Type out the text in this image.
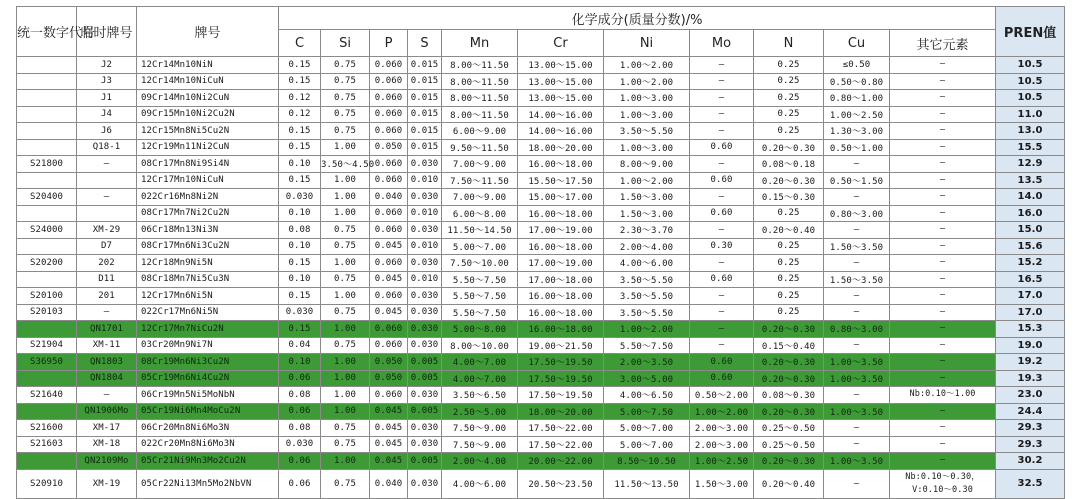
统一数字代号	临时牌号	牌号	化学成分(质量分数)/%											PREN值
			C	Si	P	S	Mn	Cr	Ni	Mo	N	Cu	其它元素	
	J2	12Cr14Mn10NiN	0.15	0.75	0.060	0.015	8.00～11.50	13.00～15.00	1.00～2.00	—	0.25	≤0.50	—	10.5
	J3	12Cr14Mn10NiCuN	0.15	0.75	0.060	0.015	8.00～11.50	13.00～15.00	1.00～2.00	—	0.25	0.50～0.80	—	10.5
	J1	09Cr14Mn10Ni2CuN	0.12	0.75	0.060	0.015	8.00～11.50	13.00～15.00	1.00～3.00	—	0.25	0.80～1.00	—	10.5
	J4	09Cr15Mn10Ni2Cu2N	0.12	0.75	0.060	0.015	8.00～11.50	14.00～16.00	1.00～3.00	—	0.25	1.00～2.50	—	11.0
	J6	12Cr15Mn8Ni5Cu2N	0.15	0.75	0.060	0.015	6.00～9.00	14.00～16.00	3.50～5.50	—	0.25	1.30～3.00	—	13.0
	Q18-1	12Cr19Mn11Ni2CuN	0.15	1.00	0.050	0.015	9.50～11.50	18.00～20.00	1.00～3.00	0.60	0.20～0.30	0.50～1.00	—	15.5
S21800	—	08Cr17Mn8Ni9Si4N	0.10	3.50～4.50	0.060	0.030	7.00～9.00	16.00～18.00	8.00～9.00	—	0.08～0.18	—	—	12.9
		12Cr17Mn10NiCuN	0.15	1.00	0.060	0.010	7.50～11.50	15.50～17.50	1.00～2.00	0.60	0.20～0.30	0.50～1.50	—	13.5
S20400	—	022Cr16Mn8Ni2N	0.030	1.00	0.040	0.030	7.00～9.00	15.00～17.00	1.50～3.00	—	0.15～0.30	—	—	14.0
		08Cr17Mn7Ni2Cu2N	0.10	1.00	0.060	0.010	6.00～8.00	16.00～18.00	1.50～3.00	0.60	0.25	0.80～3.00	—	16.0
S24000	XM-29	06Cr18Mn13Ni3N	0.08	0.75	0.060	0.030	11.50～14.50	17.00～19.00	2.30～3.70	—	0.20～0.40	—	—	15.0
	D7	08Cr17Mn6Ni3Cu2N	0.10	0.75	0.045	0.010	5.00～7.00	16.00～18.00	2.00～4.00	0.30	0.25	1.50～3.50	—	15.6
S20200	202	12Cr18Mn9Ni5N	0.15	1.00	0.060	0.030	7.50～10.00	17.00～19.00	4.00～6.00	—	0.25	—	—	15.2
	D11	08Cr18Mn7Ni5Cu3N	0.10	0.75	0.045	0.010	5.50～7.50	17.00～18.00	3.50～5.50	0.60	0.25	1.50～3.50	—	16.5
S20100	201	12Cr17Mn6Ni5N	0.15	1.00	0.060	0.030	5.50～7.50	16.00～18.00	3.50～5.50	—	0.25	—	—	17.0
S20103	—	022Cr17Mn6Ni5N	0.030	0.75	0.045	0.030	5.50～7.50	16.00～18.00	3.50～5.50	—	0.25	—	—	17.0
	QN1701	12Cr17Mn7NiCu2N	0.15	1.00	0.060	0.030	5.00～8.00	16.00～18.00	1.00～2.00	—	0.20～0.30	0.80～3.00	—	15.3
S21904	XM-11	03Cr20Mn9Ni7N	0.04	0.75	0.060	0.030	8.00～10.00	19.00～21.50	5.50～7.50	—	0.15～0.40	—	—	19.0
S36950	QN1803	08Cr19Mn6Ni3Cu2N	0.10	1.00	0.050	0.005	4.00～7.00	17.50～19.50	2.00～3.50	0.60	0.20～0.30	1.00～3.50	—	19.2
	QN1804	05Cr19Mn6Ni4Cu2N	0.06	1.00	0.050	0.005	4.00～7.00	17.50～19.50	3.00～5.00	0.60	0.20～0.30	1.00～3.50	—	19.3
S21640	—	06Cr19Mn5Ni5MoNbN	0.08	1.00	0.060	0.030	3.50～6.50	17.50～19.50	4.00～6.50	0.50～2.00	0.08～0.30	—	Nb:0.10～1.00	23.0
	QN1906Mo	05Cr19Ni6Mn4MoCu2N	0.06	1.00	0.045	0.005	2.50～5.00	18.00～20.00	5.00～7.50	1.00～2.00	0.20～0.30	1.00～3.50	—	24.4
S21600	XM-17	06Cr20Mn8Ni6Mo3N	0.08	0.75	0.045	0.030	7.50～9.00	17.50～22.00	5.00～7.00	2.00～3.00	0.25～0.50	—	—	29.3
S21603	XM-18	022Cr20Mn8Ni6Mo3N	0.030	0.75	0.045	0.030	7.50～9.00	17.50～22.00	5.00～7.00	2.00～3.00	0.25～0.50	—	—	29.3
	QN2109Mo	05Cr21Ni9Mn3Mo2Cu2N	0.06	1.00	0.045	0.005	2.00～4.00	20.00～22.00	8.50～10.50	1.00～2.50	0.20～0.30	1.00～3.50	—	30.2
S20910	XM-19	05Cr22Ni13Mn5Mo2NbVN	0.06	0.75	0.040	0.030	4.00～6.00	20.50～23.50	11.50～13.50	1.50～3.00	0.20～0.40	—	Nb:0.10～0.30，V:0.10～0.30	32.5
